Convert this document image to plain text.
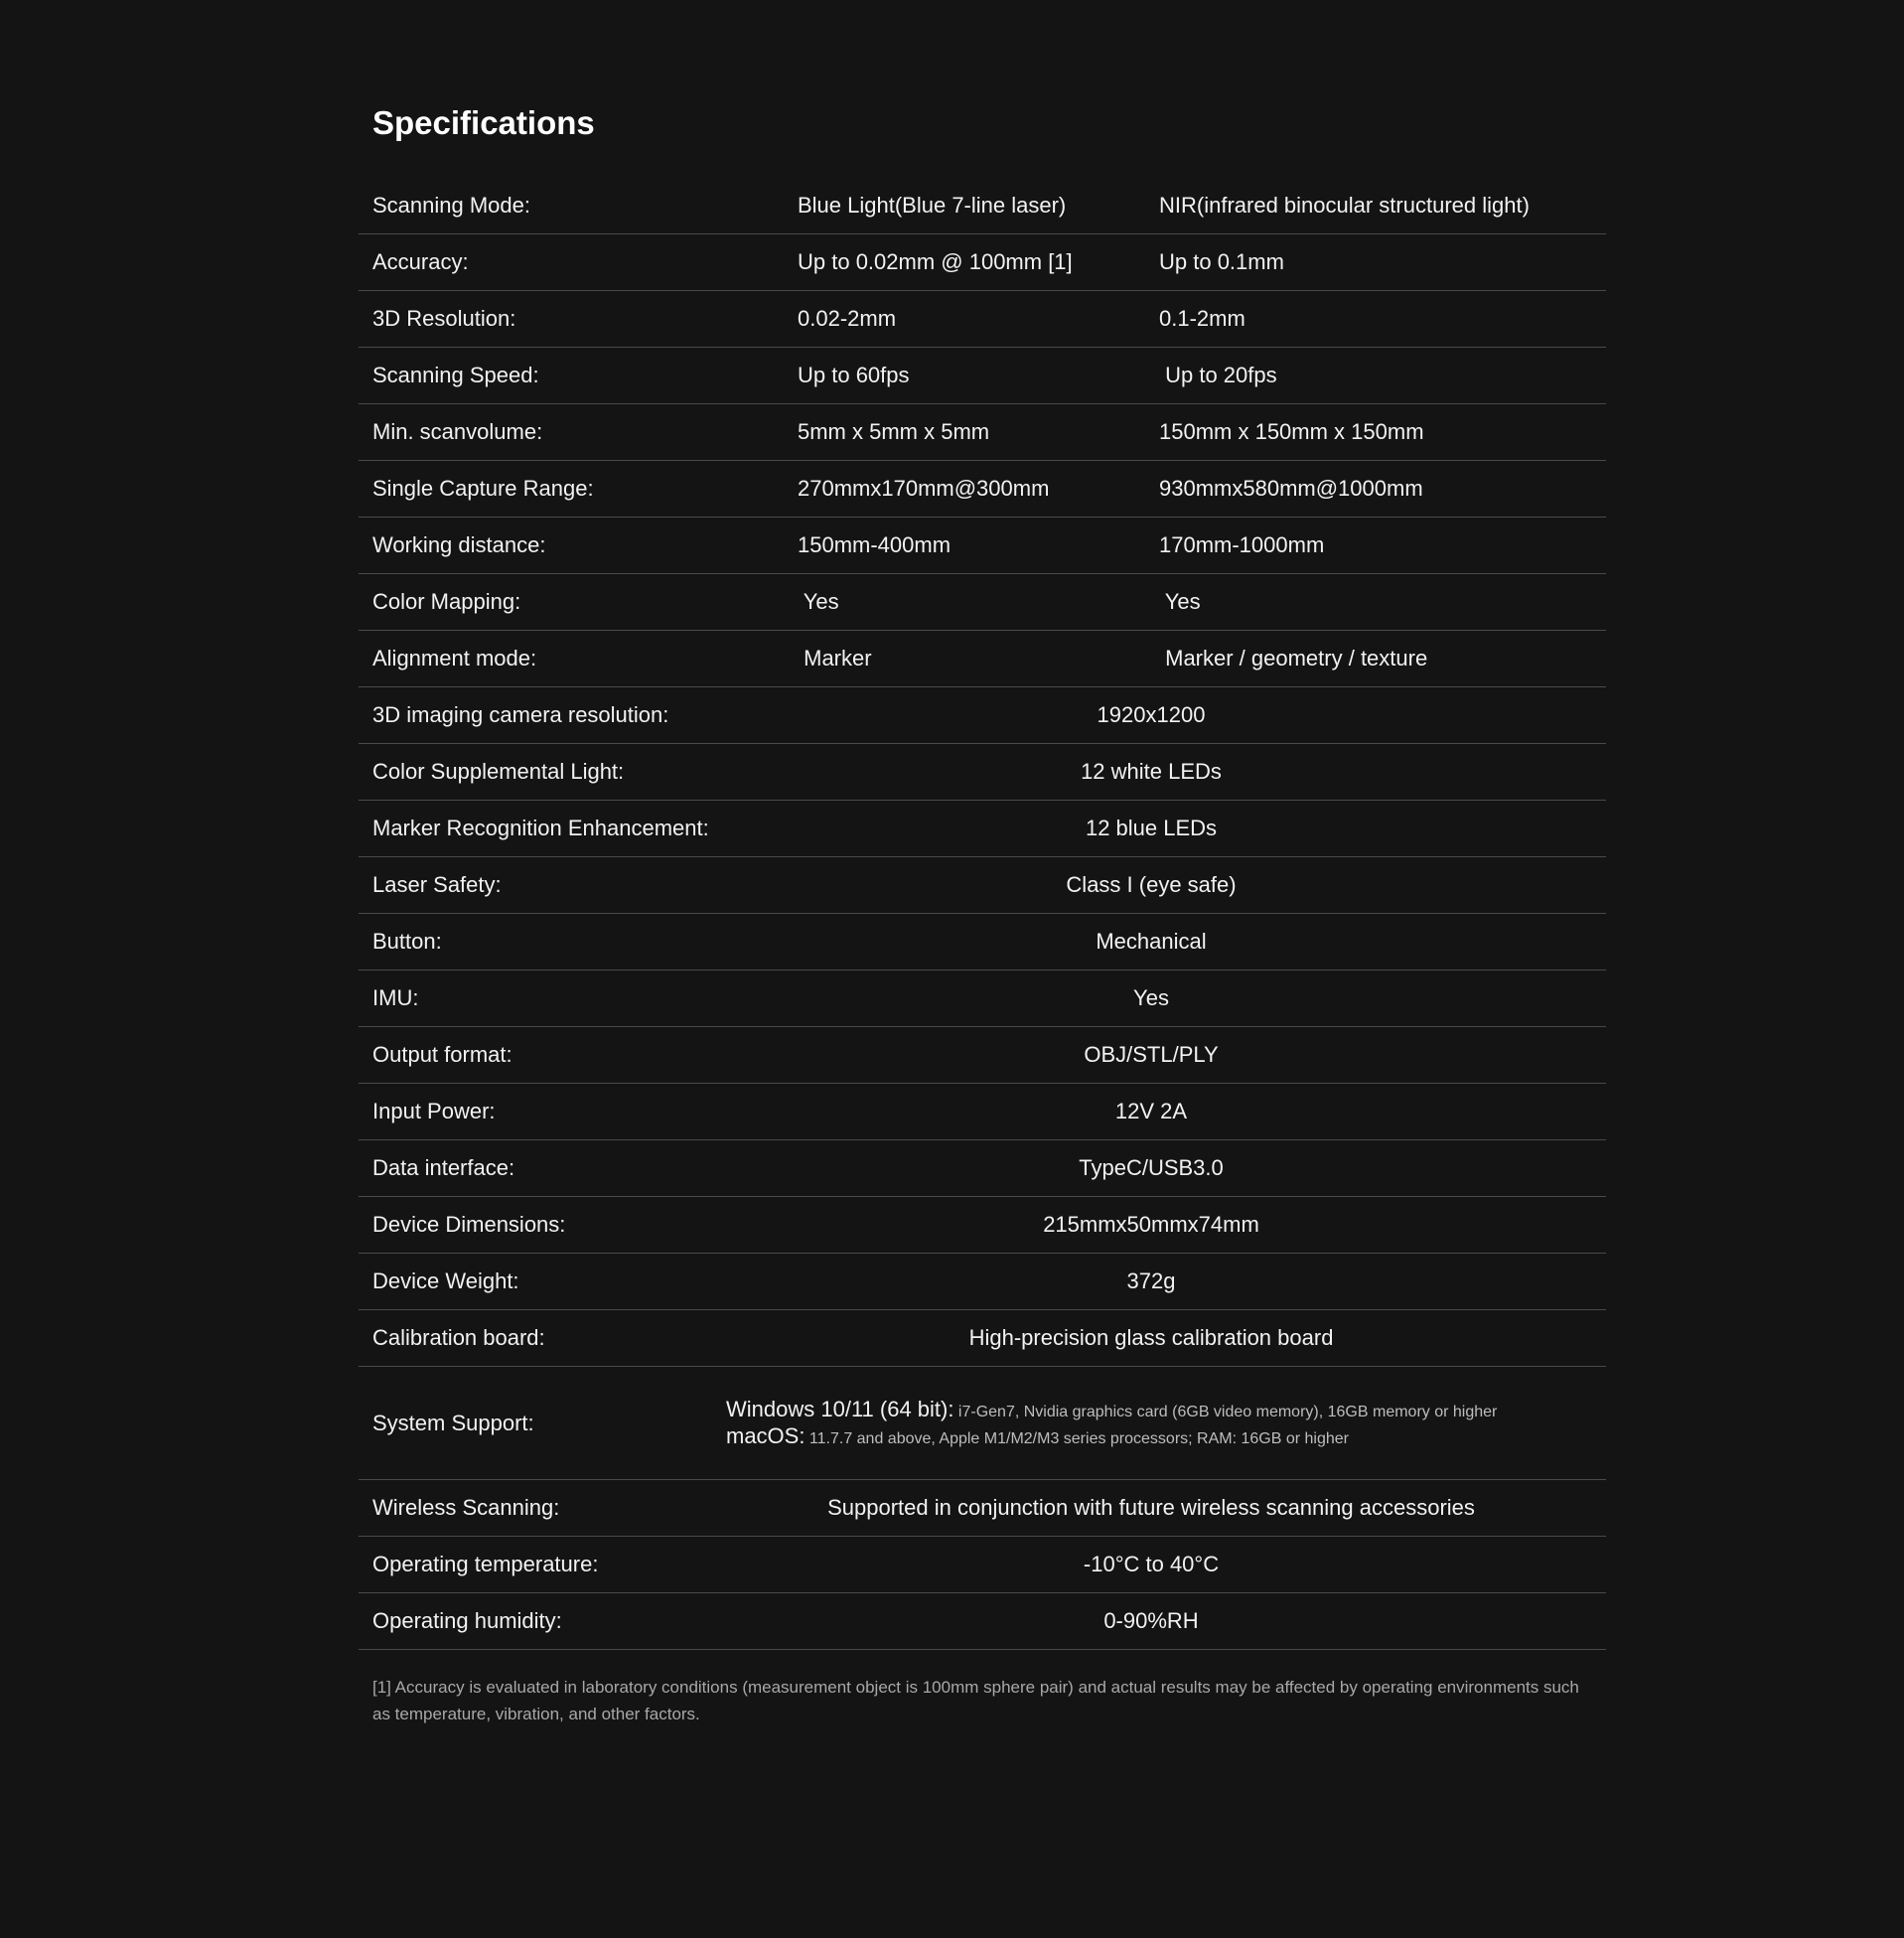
Specifications
Scanning Mode:	Blue Light(Blue 7-line laser)	NIR(infrared binocular structured light)
Accuracy:	Up to 0.02mm @ 100mm [1]	Up to 0.1mm
3D Resolution:	0.02-2mm	0.1-2mm
Scanning Speed:	Up to 60fps	Up to 20fps
Min. scanvolume:	5mm x 5mm x 5mm	150mm x 150mm x 150mm
Single Capture Range:	270mmx170mm@300mm	930mmx580mm@1000mm
Working distance:	150mm-400mm	170mm-1000mm
Color Mapping:	Yes	Yes
Alignment mode:	Marker	Marker / geometry / texture
3D imaging camera resolution:	1920x1200
Color Supplemental Light:	12 white LEDs
Marker Recognition Enhancement:	12 blue LEDs
Laser Safety:	Class I (eye safe)
Button:	Mechanical
IMU:	Yes
Output format:	OBJ/STL/PLY
Input Power:	12V 2A
Data interface:	TypeC/USB3.0
Device Dimensions:	215mmx50mmx74mm
Device Weight:	372g
Calibration board:	High-precision glass calibration board
System Support:
Windows 10/11 (64 bit): i7-Gen7, Nvidia graphics card (6GB video memory), 16GB memory or higher
macOS: 11.7.7 and above, Apple M1/M2/M3 series processors; RAM: 16GB or higher
Wireless Scanning:	Supported in conjunction with future wireless scanning accessories
Operating temperature:	-10°C to 40°C
Operating humidity:	0-90%RH

[1] Accuracy is evaluated in laboratory conditions (measurement object is 100mm sphere pair) and actual results may be affected by operating environments such as temperature, vibration, and other factors.
